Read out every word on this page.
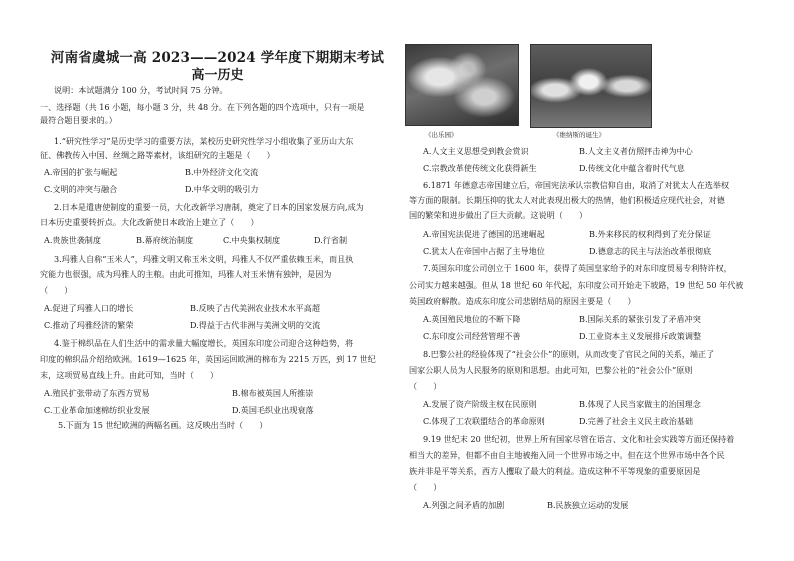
河南省虞城一高 2023——2024 学年度下期期末考试
高一历史
说明：本试题满分 100 分，考试时间 75 分钟。
一、选择题（共 16 小题，每小题 3 分，共 48 分。在下列各题的四个选项中，只有一项是
最符合题目要求的。）
1.“研究性学习”是历史学习的重要方法，某校历史研究性学习小组收集了亚历山大东
征、佛教传入中国、丝绸之路等素材，该组研究的主题是（　　）
A.帝国的扩张与崛起	B.中外经济文化交流
C.文明的冲突与融合	D.中华文明的吸引力
2.日本是遣唐使制度的重要一员，大化改新学习唐制，奠定了日本的国家发展方向,成为
日本历史重要转折点。大化改新使日本政治上建立了（　　）
A.贵族世袭制度	B.幕府统治制度	C.中央集权制度	D.行省制
3.玛雅人自称“玉米人”，玛雅文明又称玉米文明，玛雅人不仅严重依赖玉米，而且执
究能力也很强，成为玛雅人的主粮。由此可推知，玛雅人对玉米情有独钟，是因为
（　　）
A.促进了玛雅人口的增长	B.反映了古代美洲农业技术水平高超
C.推动了玛雅经济的繁荣	D.得益于古代非洲与美洲文明的交流
4.鉴于棉织品在人们生活中的需求量大幅度增长，英国东印度公司迎合这种趋势，将
印度的棉织品介绍给欧洲。1619—1625 年，英国运回欧洲的棉布为 2215 万匹，到 17 世纪
末，这项贸易直线上升。由此可知，当时（　　）
A.殖民扩张带动了东西方贸易	B.棉布被英国人所推崇
C.工业革命加速棉纺织业发展	D.英国毛织业出现衰落
5.下面为 15 世纪欧洲的两幅名画。这反映出当时（　　）
《出乐园》	《维纳斯的诞生》
A.人文主义思想受到教会赏识	B.人文主义者仿照抨击神为中心
C.宗教改革使传统文化获得新生	D.传统文化中蕴含着时代气息
6.1871 年德意志帝国建立后，帝国宪法承认宗教信仰自由，取消了对犹太人在选举权
等方面的限制。长期压抑的犹太人对此表现出极大的热情，他们积极适应现代社会，对德
国的繁荣和进步做出了巨大贡献。这说明（　　）
A.帝国宪法促进了德国的迅速崛起	B.外来移民的权利得到了充分保证
C.犹太人在帝国中占据了主导地位	D.德意志的民主与法治改革很彻底
7.英国东印度公司创立于 1600 年，获得了英国皇家给予的对东印度贸易专利特许权，
公司实力越来越强。但从 18 世纪 60 年代起，东印度公司开始走下坡路，19 世纪 50 年代被
英国政府解散。造成东印度公司悲剧结局的原因主要是（　　）
A.英国殖民地位的不断下降	B.国际关系的紧张引发了矛盾冲突
C.东印度公司经营管理不善	D.工业资本主义发展排斥政策调整
8.巴黎公社的经验体现了“社会公仆”的原则，从而改变了官民之间的关系，端正了
国家公职人员为人民服务的原则和思想。由此可知，巴黎公社的“社会公仆”原则
（　　）
A.发展了资产阶级主权在民原则	B.体现了人民当家做主的治国理念
C.体现了工农联盟结合的革命原则	D.完善了社会主义民主政治基础
9.19 世纪末 20 世纪初，世界上所有国家尽管在语言、文化和社会实践等方面还保持着
相当大的差异，但都不由自主地被拖入同一个世界市场之中。但在这个世界市场中各个民
族并非是平等关系，西方人攫取了最大的利益。造成这种不平等现象的重要原因是
（　　）
A.列强之间矛盾的加剧	B.民族独立运动的发展
